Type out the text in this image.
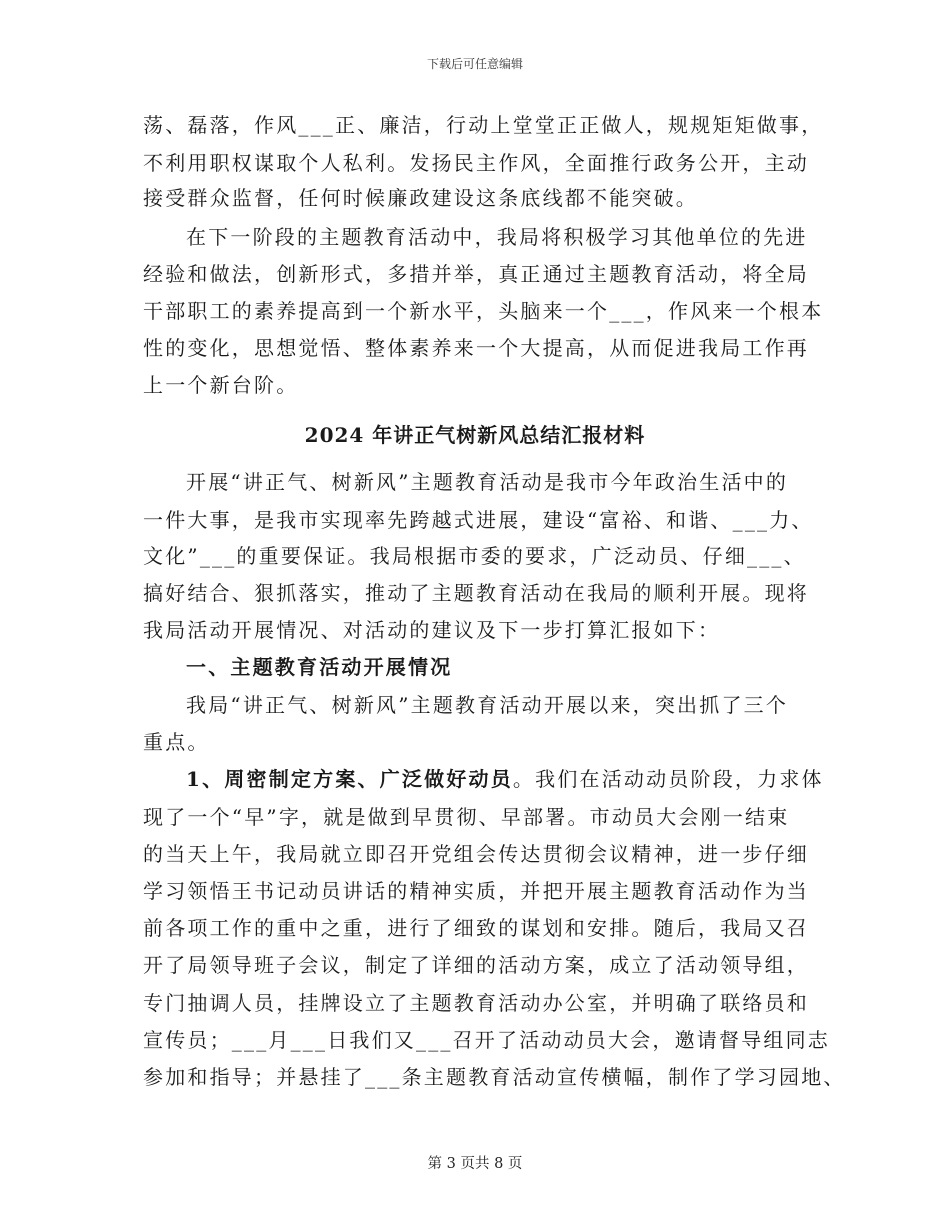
下载后可任意编辑
荡、磊落，作风___正、廉洁，行动上堂堂正正做人，规规矩矩做事，
不利用职权谋取个人私利。发扬民主作风，全面推行政务公开，主动
接受群众监督，任何时候廉政建设这条底线都不能突破。
在下一阶段的主题教育活动中，我局将积极学习其他单位的先进
经验和做法，创新形式，多措并举，真正通过主题教育活动，将全局
干部职工的素养提高到一个新水平，头脑来一个___，作风来一个根本
性的变化，思想觉悟、整体素养来一个大提高，从而促进我局工作再
上一个新台阶。
2024 年讲正气树新风总结汇报材料
开展“讲正气、树新风”主题教育活动是我市今年政治生活中的
一件大事，是我市实现率先跨越式进展，建设“富裕、和谐、___力、
文化”___的重要保证。我局根据市委的要求，广泛动员、仔细___、
搞好结合、狠抓落实，推动了主题教育活动在我局的顺利开展。现将
我局活动开展情况、对活动的建议及下一步打算汇报如下：
一、主题教育活动开展情况
我局“讲正气、树新风”主题教育活动开展以来，突出抓了三个
重点。
1、周密制定方案、广泛做好动员。我们在活动动员阶段，力求体
现了一个“早”字，就是做到早贯彻、早部署。市动员大会刚一结束
的当天上午，我局就立即召开党组会传达贯彻会议精神，进一步仔细
学习领悟王书记动员讲话的精神实质，并把开展主题教育活动作为当
前各项工作的重中之重，进行了细致的谋划和安排。随后，我局又召
开了局领导班子会议，制定了详细的活动方案，成立了活动领导组，
专门抽调人员，挂牌设立了主题教育活动办公室，并明确了联络员和
宣传员；___月___日我们又___召开了活动动员大会，邀请督导组同志
参加和指导；并悬挂了___条主题教育活动宣传横幅，制作了学习园地、
第 3 页共 8 页
